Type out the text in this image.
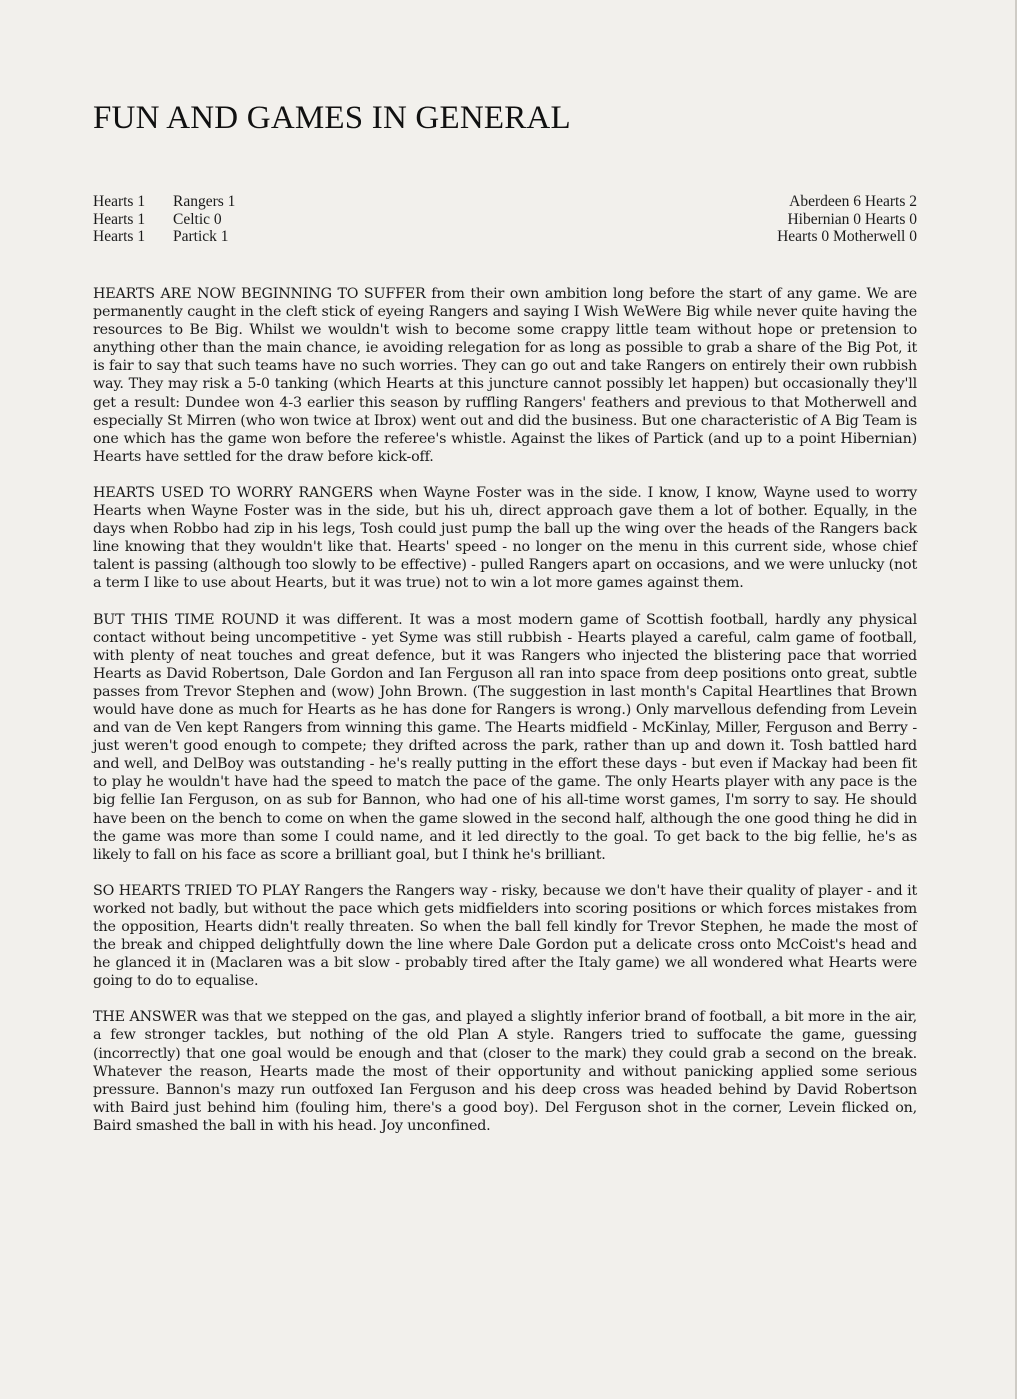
FUN AND GAMES IN GENERAL
Hearts 1 Rangers 1
Hearts 1 Celtic 0
Hearts 1 Partick 1
Aberdeen 6 Hearts 2
Hibernian 0 Hearts 0
Hearts 0 Motherwell 0

HEARTS ARE NOW BEGINNING TO SUFFER from their own ambition long before the start of any game. We are permanently caught in the cleft stick of eyeing Rangers and saying I Wish WeWere Big while never quite having the resources to Be Big. Whilst we wouldn't wish to become some crappy little team without hope or pretension to anything other than the main chance, ie avoiding relegation for as long as possible to grab a share of the Big Pot, it is fair to say that such teams have no such worries. They can go out and take Rangers on entirely their own rubbish way. They may risk a 5-0 tanking (which Hearts at this juncture cannot possibly let happen) but occasionally they'll get a result: Dundee won 4-3 earlier this season by ruffling Rangers' feathers and previous to that Motherwell and especially St Mirren (who won twice at Ibrox) went out and did the business. But one characteristic of A Big Team is one which has the game won before the referee's whistle. Against the likes of Partick (and up to a point Hibernian) Hearts have settled for the draw before kick-off.

HEARTS USED TO WORRY RANGERS when Wayne Foster was in the side. I know, I know, Wayne used to worry Hearts when Wayne Foster was in the side, but his uh, direct approach gave them a lot of bother. Equally, in the days when Robbo had zip in his legs, Tosh could just pump the ball up the wing over the heads of the Rangers back line knowing that they wouldn't like that. Hearts' speed - no longer on the menu in this current side, whose chief talent is passing (although too slowly to be effective) - pulled Rangers apart on occasions, and we were unlucky (not a term I like to use about Hearts, but it was true) not to win a lot more games against them.

BUT THIS TIME ROUND it was different. It was a most modern game of Scottish football, hardly any physical contact without being uncompetitive - yet Syme was still rubbish - Hearts played a careful, calm game of football, with plenty of neat touches and great defence, but it was Rangers who injected the blistering pace that worried Hearts as David Robertson, Dale Gordon and Ian Ferguson all ran into space from deep positions onto great, subtle passes from Trevor Stephen and (wow) John Brown. (The suggestion in last month's Capital Heartlines that Brown would have done as much for Hearts as he has done for Rangers is wrong.) Only marvellous defending from Levein and van de Ven kept Rangers from winning this game. The Hearts midfield - McKinlay, Miller, Ferguson and Berry - just weren't good enough to compete; they drifted across the park, rather than up and down it. Tosh battled hard and well, and DelBoy was outstanding - he's really putting in the effort these days - but even if Mackay had been fit to play he wouldn't have had the speed to match the pace of the game. The only Hearts player with any pace is the big fellie Ian Ferguson, on as sub for Bannon, who had one of his all-time worst games, I'm sorry to say. He should have been on the bench to come on when the game slowed in the second half, although the one good thing he did in the game was more than some I could name, and it led directly to the goal. To get back to the big fellie, he's as likely to fall on his face as score a brilliant goal, but I think he's brilliant.

SO HEARTS TRIED TO PLAY Rangers the Rangers way - risky, because we don't have their quality of player - and it worked not badly, but without the pace which gets midfielders into scoring positions or which forces mistakes from the opposition, Hearts didn't really threaten. So when the ball fell kindly for Trevor Stephen, he made the most of the break and chipped delightfully down the line where Dale Gordon put a delicate cross onto McCoist's head and he glanced it in (Maclaren was a bit slow - probably tired after the Italy game) we all wondered what Hearts were going to do to equalise.

THE ANSWER was that we stepped on the gas, and played a slightly inferior brand of football, a bit more in the air, a few stronger tackles, but nothing of the old Plan A style. Rangers tried to suffocate the game, guessing (incorrectly) that one goal would be enough and that (closer to the mark) they could grab a second on the break. Whatever the reason, Hearts made the most of their opportunity and without panicking applied some serious pressure. Bannon's mazy run outfoxed Ian Ferguson and his deep cross was headed behind by David Robertson with Baird just behind him (fouling him, there's a good boy). Del Ferguson shot in the corner, Levein flicked on, Baird smashed the ball in with his head. Joy unconfined.
